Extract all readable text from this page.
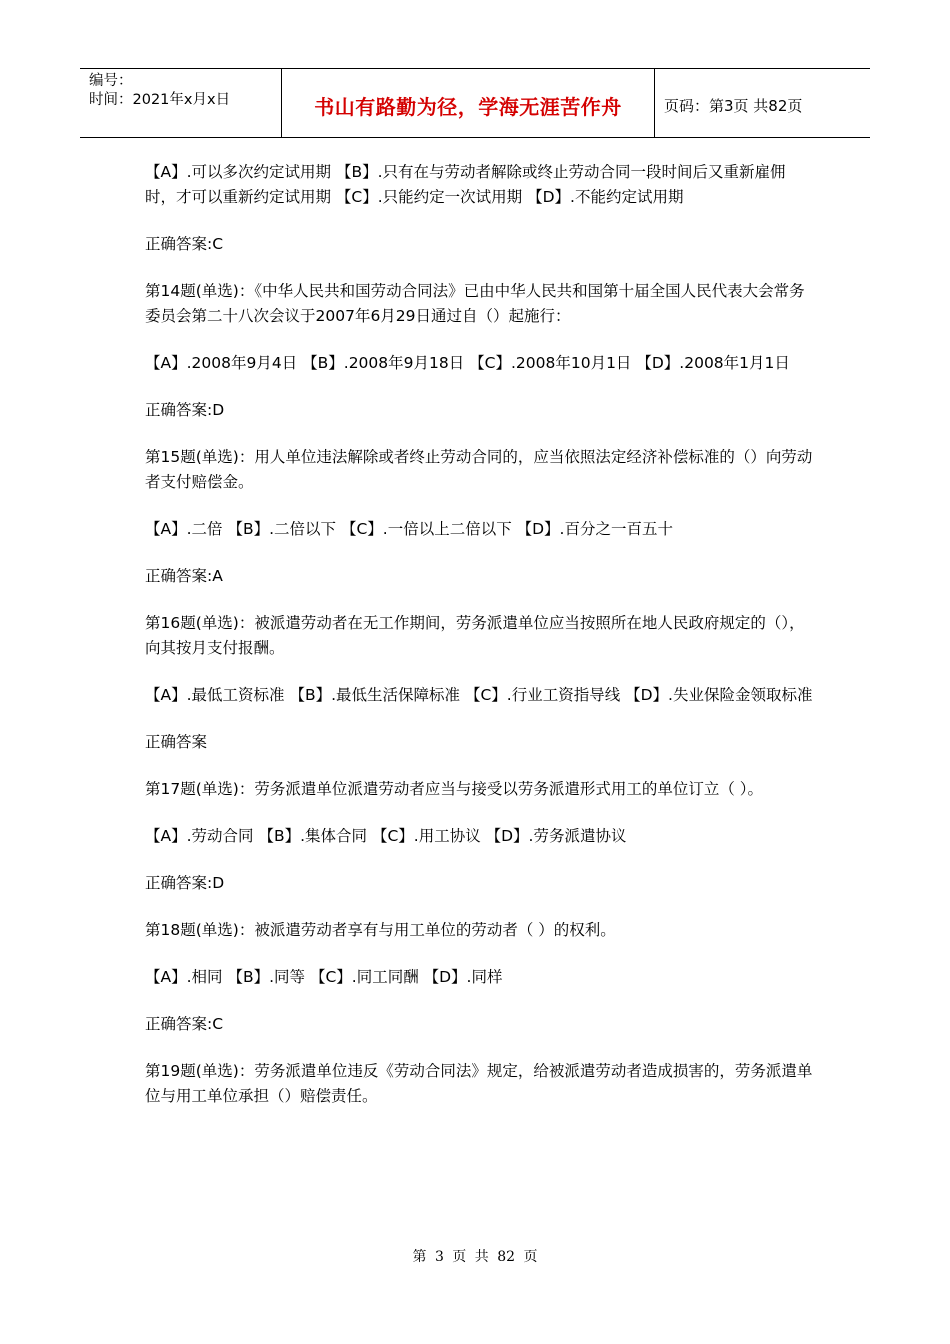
编号：
时间：2021年x月x日	书山有路勤为径，学海无涯苦作舟	页码：第3页 共82页

【A】.可以多次约定试用期 【B】.只有在与劳动者解除或终止劳动合同一段时间后又重新雇佣时，才可以重新约定试用期 【C】.只能约定一次试用期 【D】.不能约定试用期

正确答案:C

第14题(单选)：《中华人民共和国劳动合同法》已由中华人民共和国第十届全国人民代表大会常务委员会第二十八次会议于2007年6月29日通过自（）起施行：

【A】.2008年9月4日 【B】.2008年9月18日 【C】.2008年10月1日 【D】.2008年1月1日

正确答案:D

第15题(单选)：用人单位违法解除或者终止劳动合同的，应当依照法定经济补偿标准的（）向劳动者支付赔偿金。

【A】.二倍 【B】.二倍以下 【C】.一倍以上二倍以下 【D】.百分之一百五十

正确答案:A

第16题(单选)：被派遣劳动者在无工作期间，劳务派遣单位应当按照所在地人民政府规定的（），向其按月支付报酬。

【A】.最低工资标准 【B】.最低生活保障标准 【C】.行业工资指导线 【D】.失业保险金领取标准

正确答案

第17题(单选)：劳务派遣单位派遣劳动者应当与接受以劳务派遣形式用工的单位订立（ ）。

【A】.劳动合同 【B】.集体合同 【C】.用工协议 【D】.劳务派遣协议

正确答案:D

第18题(单选)：被派遣劳动者享有与用工单位的劳动者（ ）的权利。

【A】.相同 【B】.同等 【C】.同工同酬 【D】.同样

正确答案:C

第19题(单选)：劳务派遣单位违反《劳动合同法》规定，给被派遣劳动者造成损害的，劳务派遣单位与用工单位承担（）赔偿责任。

第 3 页 共 82 页
